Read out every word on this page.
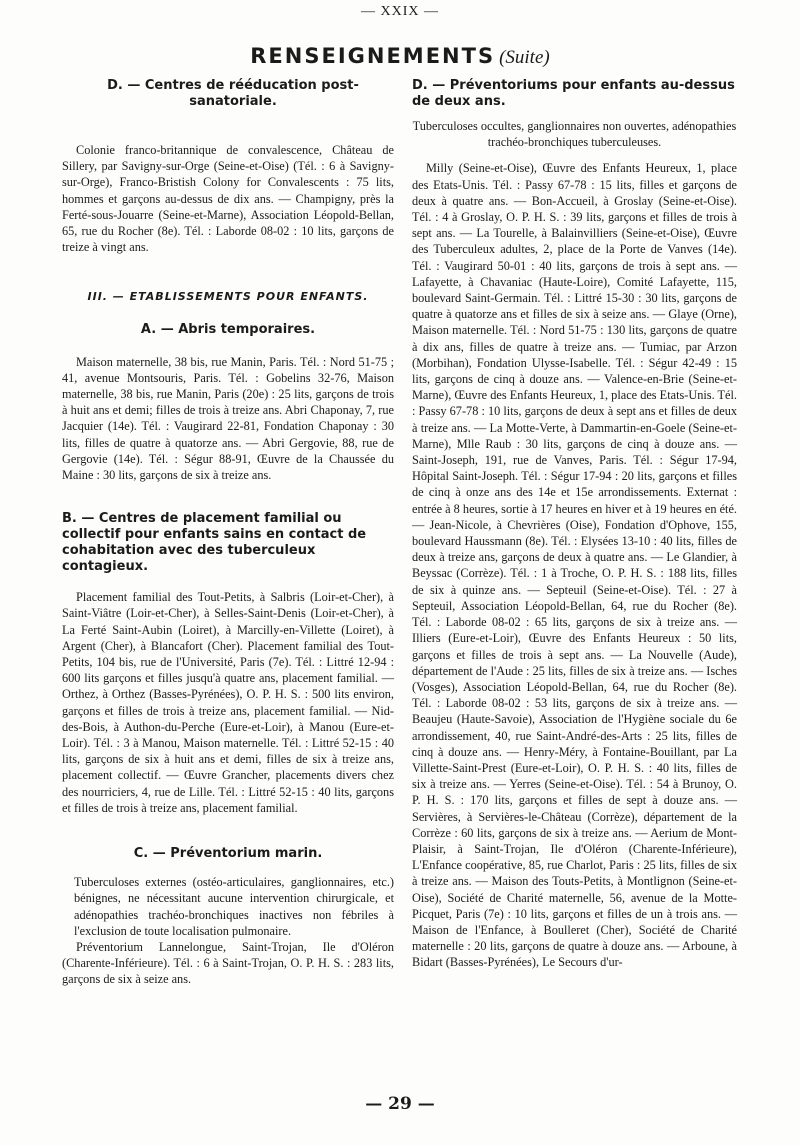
— XXIX —
RENSEIGNEMENTS (Suite)
D. — Centres de rééducation post-sanatoriale.

Colonie franco-britannique de convalescence, Château de Sillery, par Savigny-sur-Orge (Seine-et-Oise) (Tél. : 6 à Savigny-sur-Orge), Franco-Bristish Colony for Convalescents : 75 lits, hommes et garçons au-dessus de dix ans. — Champigny, près la Ferté-sous-Jouarre (Seine-et-Marne), Association Léopold-Bellan, 65, rue du Rocher (8e). Tél. : Laborde 08-02 : 10 lits, garçons de treize à vingt ans.

III. — ETABLISSEMENTS POUR ENFANTS.
A. — Abris temporaires.

Maison maternelle, 38 bis, rue Manin, Paris. Tél. : Nord 51-75 ; 41, avenue Montsouris, Paris. Tél. : Gobelins 32-76, Maison maternelle, 38 bis, rue Manin, Paris (20e) : 25 lits, garçons de trois à huit ans et demi; filles de trois à treize ans. Abri Chaponay, 7, rue Jacquier (14e). Tél. : Vaugirard 22-81, Fondation Chaponay : 30 lits, filles de quatre à quatorze ans. — Abri Gergovie, 88, rue de Gergovie (14e). Tél. : Ségur 88-91, Œuvre de la Chaussée du Maine : 30 lits, garçons de six à treize ans.

B. — Centres de placement familial ou collectif pour enfants sains en contact de cohabitation avec des tuberculeux contagieux.

Placement familial des Tout-Petits, à Salbris (Loir-et-Cher), à Saint-Viâtre (Loir-et-Cher), à Selles-Saint-Denis (Loir-et-Cher), à La Ferté Saint-Aubin (Loiret), à Marcilly-en-Villette (Loiret), à Argent (Cher), à Blancafort (Cher). Placement familial des Tout-Petits, 104 bis, rue de l'Université, Paris (7e). Tél. : Littré 12-94 : 600 lits garçons et filles jusqu'à quatre ans, placement familial. — Orthez, à Orthez (Basses-Pyrénées), O. P. H. S. : 500 lits environ, garçons et filles de trois à treize ans, placement familial. — Nid-des-Bois, à Authon-du-Perche (Eure-et-Loir), à Manou (Eure-et-Loir). Tél. : 3 à Manou, Maison maternelle. Tél. : Littré 52-15 : 40 lits, garçons de six à huit ans et demi, filles de six à treize ans, placement collectif. — Œuvre Grancher, placements divers chez des nourriciers, 4, rue de Lille. Tél. : Littré 52-15 : 40 lits, garçons et filles de trois à treize ans, placement familial.

C. — Préventorium marin.

Tuberculoses externes (ostéo-articulaires, ganglionnaires, etc.) bénignes, ne nécessitant aucune intervention chirurgicale, et adénopathies trachéo-bronchiques inactives non fébriles à l'exclusion de toute localisation pulmonaire.

Préventorium Lannelongue, Saint-Trojan, Ile d'Oléron (Charente-Inférieure). Tél. : 6 à Saint-Trojan, O. P. H. S. : 283 lits, garçons de six à seize ans.

D. — Préventoriums pour enfants au-dessus de deux ans.

Tuberculoses occultes, ganglionnaires non ouvertes, adénopathies trachéo-bronchiques tuberculeuses.

Milly (Seine-et-Oise), Œuvre des Enfants Heureux, 1, place des Etats-Unis. Tél. : Passy 67-78 : 15 lits, filles et garçons de deux à quatre ans. — Bon-Accueil, à Groslay (Seine-et-Oise). Tél. : 4 à Groslay, O. P. H. S. : 39 lits, garçons et filles de trois à sept ans. — La Tourelle, à Balainvilliers (Seine-et-Oise), Œuvre des Tuberculeux adultes, 2, place de la Porte de Vanves (14e). Tél. : Vaugirard 50-01 : 40 lits, garçons de trois à sept ans. — Lafayette, à Chavaniac (Haute-Loire), Comité Lafayette, 115, boulevard Saint-Germain. Tél. : Littré 15-30 : 30 lits, garçons de quatre à quatorze ans et filles de six à seize ans. — Glaye (Orne), Maison maternelle. Tél. : Nord 51-75 : 130 lits, garçons de quatre à dix ans, filles de quatre à treize ans. — Tumiac, par Arzon (Morbihan), Fondation Ulysse-Isabelle. Tél. : Ségur 42-49 : 15 lits, garçons de cinq à douze ans. — Valence-en-Brie (Seine-et-Marne), Œuvre des Enfants Heureux, 1, place des Etats-Unis. Tél. : Passy 67-78 : 10 lits, garçons de deux à sept ans et filles de deux à treize ans. — La Motte-Verte, à Dammartin-en-Goele (Seine-et-Marne), Mlle Raub : 30 lits, garçons de cinq à douze ans. — Saint-Joseph, 191, rue de Vanves, Paris. Tél. : Ségur 17-94, Hôpital Saint-Joseph. Tél. : Ségur 17-94 : 20 lits, garçons et filles de cinq à onze ans des 14e et 15e arrondissements. Externat : entrée à 8 heures, sortie à 17 heures en hiver et à 19 heures en été. — Jean-Nicole, à Chevrières (Oise), Fondation d'Ophove, 155, boulevard Haussmann (8e). Tél. : Elysées 13-10 : 40 lits, filles de deux à treize ans, garçons de deux à quatre ans. — Le Glandier, à Beyssac (Corrèze). Tél. : 1 à Troche, O. P. H. S. : 188 lits, filles de six à quinze ans. — Septeuil (Seine-et-Oise). Tél. : 27 à Septeuil, Association Léopold-Bellan, 64, rue du Rocher (8e). Tél. : Laborde 08-02 : 65 lits, garçons de six à treize ans. — Illiers (Eure-et-Loir), Œuvre des Enfants Heureux : 50 lits, garçons et filles de trois à sept ans. — La Nouvelle (Aude), département de l'Aude : 25 lits, filles de six à treize ans. — Isches (Vosges), Association Léopold-Bellan, 64, rue du Rocher (8e). Tél. : Laborde 08-02 : 53 lits, garçons de six à treize ans. — Beaujeu (Haute-Savoie), Association de l'Hygiène sociale du 6e arrondissement, 40, rue Saint-André-des-Arts : 25 lits, filles de cinq à douze ans. — Henry-Méry, à Fontaine-Bouillant, par La Villette-Saint-Prest (Eure-et-Loir), O. P. H. S. : 40 lits, filles de six à treize ans. — Yerres (Seine-et-Oise). Tél. : 54 à Brunoy, O. P. H. S. : 170 lits, garçons et filles de sept à douze ans. — Servières, à Servières-le-Château (Corrèze), département de la Corrèze : 60 lits, garçons de six à treize ans. — Aerium de Mont-Plaisir, à Saint-Trojan, Ile d'Oléron (Charente-Inférieure), L'Enfance coopérative, 85, rue Charlot, Paris : 25 lits, filles de six à treize ans. — Maison des Touts-Petits, à Montlignon (Seine-et-Oise), Société de Charité maternelle, 56, avenue de la Motte-Picquet, Paris (7e) : 10 lits, garçons et filles de un à trois ans. — Maison de l'Enfance, à Boulleret (Cher), Société de Charité maternelle : 20 lits, garçons de quatre à douze ans. — Arboune, à Bidart (Basses-Pyrénées), Le Secours d'ur-

— 29 —
